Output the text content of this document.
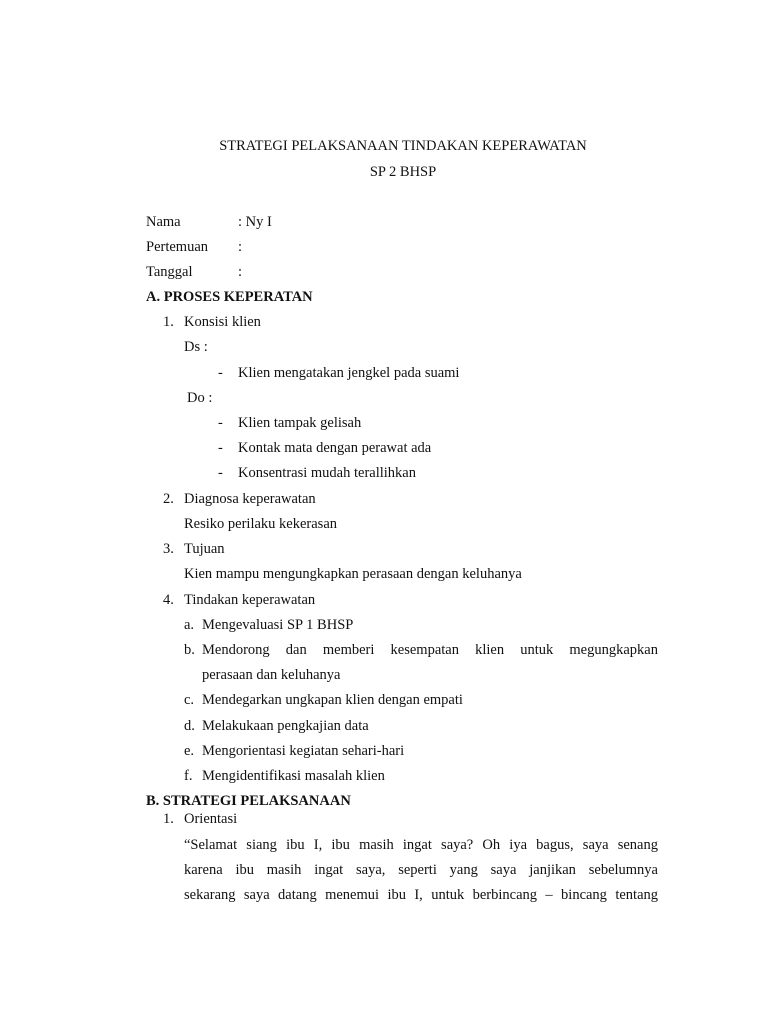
STRATEGI PELAKSANAAN TINDAKAN KEPERAWATAN
SP 2 BHSP
Nama	: Ny I
Pertemuan :
Tanggal	:
A. PROSES KEPERATAN
1. Konsisi klien
Ds :
- Klien mengatakan jengkel pada suami
Do :
- Klien tampak gelisah
- Kontak mata dengan perawat ada
- Konsentrasi mudah terallihkan
2. Diagnosa keperawatan
Resiko perilaku kekerasan
3. Tujuan
Kien mampu mengungkapkan perasaan dengan keluhanya
4. Tindakan keperawatan
a. Mengevaluasi SP 1 BHSP
b. Mendorong dan memberi kesempatan klien untuk megungkapkan
perasaan dan keluhanya
c. Mendegarkan ungkapan klien dengan empati
d. Melakukaan pengkajian data
e. Mengorientasi kegiatan sehari-hari
f. Mengidentifikasi masalah klien
B. STRATEGI PELAKSANAAN
1. Orientasi
“Selamat siang ibu I, ibu masih ingat saya? Oh iya bagus, saya senang
karena ibu masih ingat saya, seperti yang saya janjikan sebelumnya
sekarang saya datang menemui ibu I, untuk berbincang – bincang tentang
